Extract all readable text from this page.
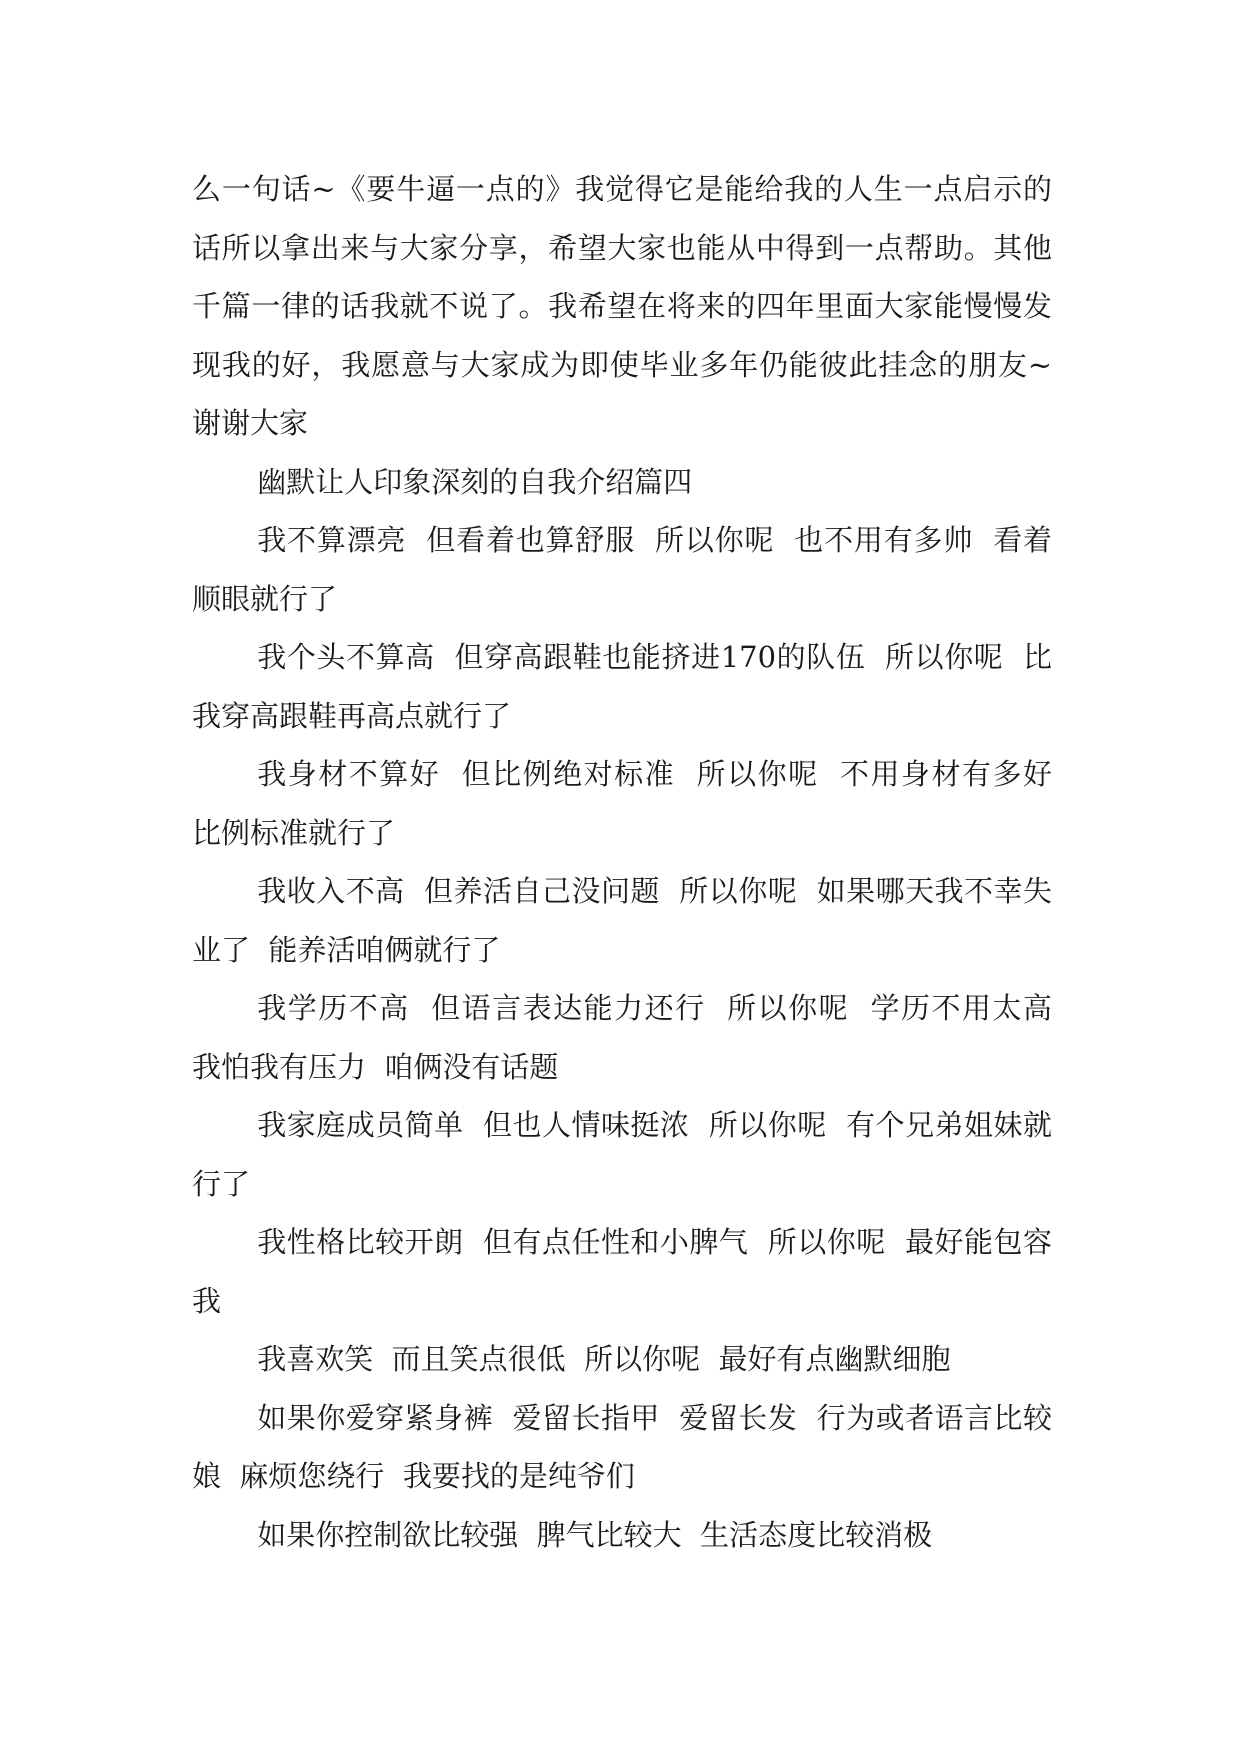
么一句话~《要牛逼一点的》我觉得它是能给我的人生一点启示的话所以拿出来与大家分享，希望大家也能从中得到一点帮助。其他千篇一律的话我就不说了。我希望在将来的四年里面大家能慢慢发现我的好，我愿意与大家成为即使毕业多年仍能彼此挂念的朋友~谢谢大家

幽默让人印象深刻的自我介绍篇四

我不算漂亮  但看着也算舒服  所以你呢  也不用有多帅  看着顺眼就行了

我个头不算高  但穿高跟鞋也能挤进170的队伍  所以你呢  比我穿高跟鞋再高点就行了

我身材不算好  但比例绝对标准  所以你呢  不用身材有多好  比例标准就行了

我收入不高  但养活自己没问题  所以你呢  如果哪天我不幸失业了  能养活咱俩就行了

我学历不高  但语言表达能力还行  所以你呢  学历不用太高  我怕我有压力  咱俩没有话题

我家庭成员简单  但也人情味挺浓  所以你呢  有个兄弟姐妹就行了

我性格比较开朗  但有点任性和小脾气  所以你呢  最好能包容我

我喜欢笑  而且笑点很低  所以你呢  最好有点幽默细胞

如果你爱穿紧身裤  爱留长指甲  爱留长发  行为或者语言比较娘  麻烦您绕行  我要找的是纯爷们

如果你控制欲比较强  脾气比较大  生活态度比较消极
